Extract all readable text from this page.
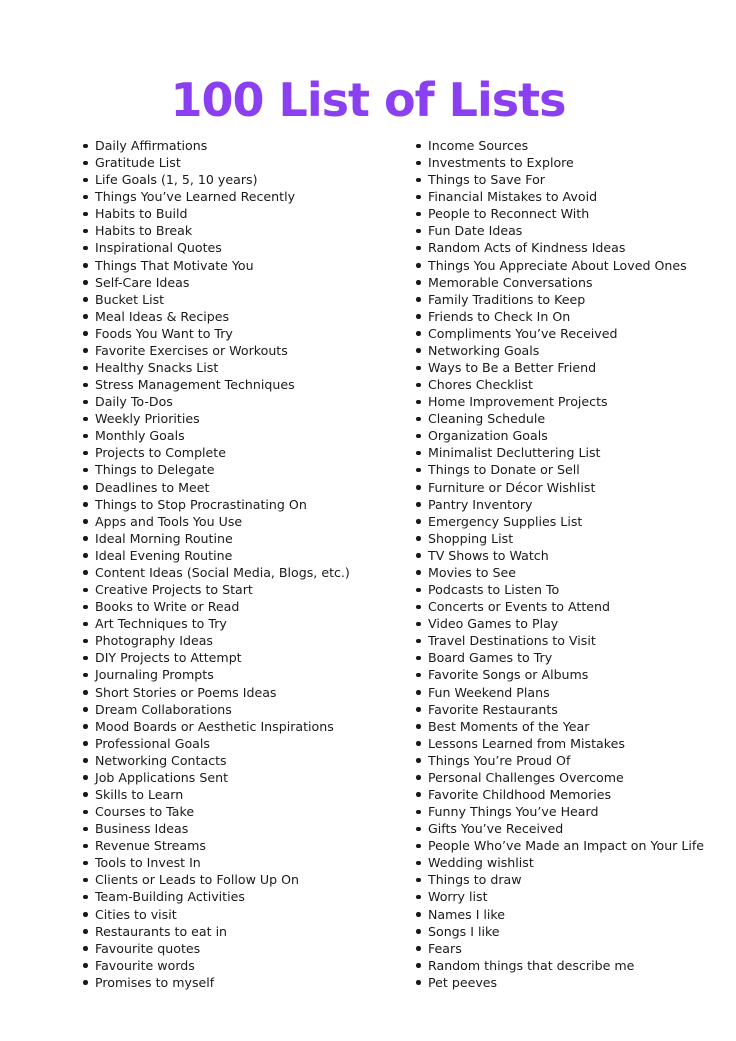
100 List of Lists
Daily Affirmations
Gratitude List
Life Goals (1, 5, 10 years)
Things You’ve Learned Recently
Habits to Build
Habits to Break
Inspirational Quotes
Things That Motivate You
Self-Care Ideas
Bucket List
Meal Ideas & Recipes
Foods You Want to Try
Favorite Exercises or Workouts
Healthy Snacks List
Stress Management Techniques
Daily To-Dos
Weekly Priorities
Monthly Goals
Projects to Complete
Things to Delegate
Deadlines to Meet
Things to Stop Procrastinating On
Apps and Tools You Use
Ideal Morning Routine
Ideal Evening Routine
Content Ideas (Social Media, Blogs, etc.)
Creative Projects to Start
Books to Write or Read
Art Techniques to Try
Photography Ideas
DIY Projects to Attempt
Journaling Prompts
Short Stories or Poems Ideas
Dream Collaborations
Mood Boards or Aesthetic Inspirations
Professional Goals
Networking Contacts
Job Applications Sent
Skills to Learn
Courses to Take
Business Ideas
Revenue Streams
Tools to Invest In
Clients or Leads to Follow Up On
Team-Building Activities
Cities to visit
Restaurants to eat in
Favourite quotes
Favourite words
Promises to myself
Income Sources
Investments to Explore
Things to Save For
Financial Mistakes to Avoid
People to Reconnect With
Fun Date Ideas
Random Acts of Kindness Ideas
Things You Appreciate About Loved Ones
Memorable Conversations
Family Traditions to Keep
Friends to Check In On
Compliments You’ve Received
Networking Goals
Ways to Be a Better Friend
Chores Checklist
Home Improvement Projects
Cleaning Schedule
Organization Goals
Minimalist Decluttering List
Things to Donate or Sell
Furniture or Décor Wishlist
Pantry Inventory
Emergency Supplies List
Shopping List
TV Shows to Watch
Movies to See
Podcasts to Listen To
Concerts or Events to Attend
Video Games to Play
Travel Destinations to Visit
Board Games to Try
Favorite Songs or Albums
Fun Weekend Plans
Favorite Restaurants
Best Moments of the Year
Lessons Learned from Mistakes
Things You’re Proud Of
Personal Challenges Overcome
Favorite Childhood Memories
Funny Things You’ve Heard
Gifts You’ve Received
People Who’ve Made an Impact on Your Life
Wedding wishlist
Things to draw
Worry list
Names I like
Songs I like
Fears
Random things that describe me
Pet peeves
